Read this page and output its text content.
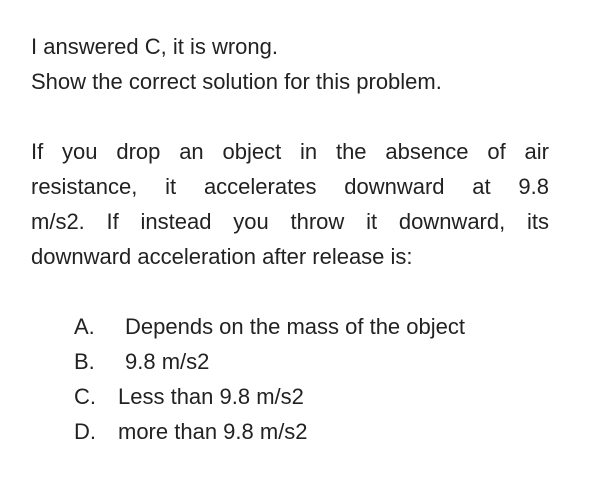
I answered C, it is wrong.

Show the correct solution for this problem.

If you drop an object in the absence of air
resistance, it accelerates downward at 9.8
m/s2. If instead you throw it downward, its
downward acceleration after release is:
A. Depends on the mass of the object
B. 9.8 m/s2
C. Less than 9.8 m/s2
D. more than 9.8 m/s2
